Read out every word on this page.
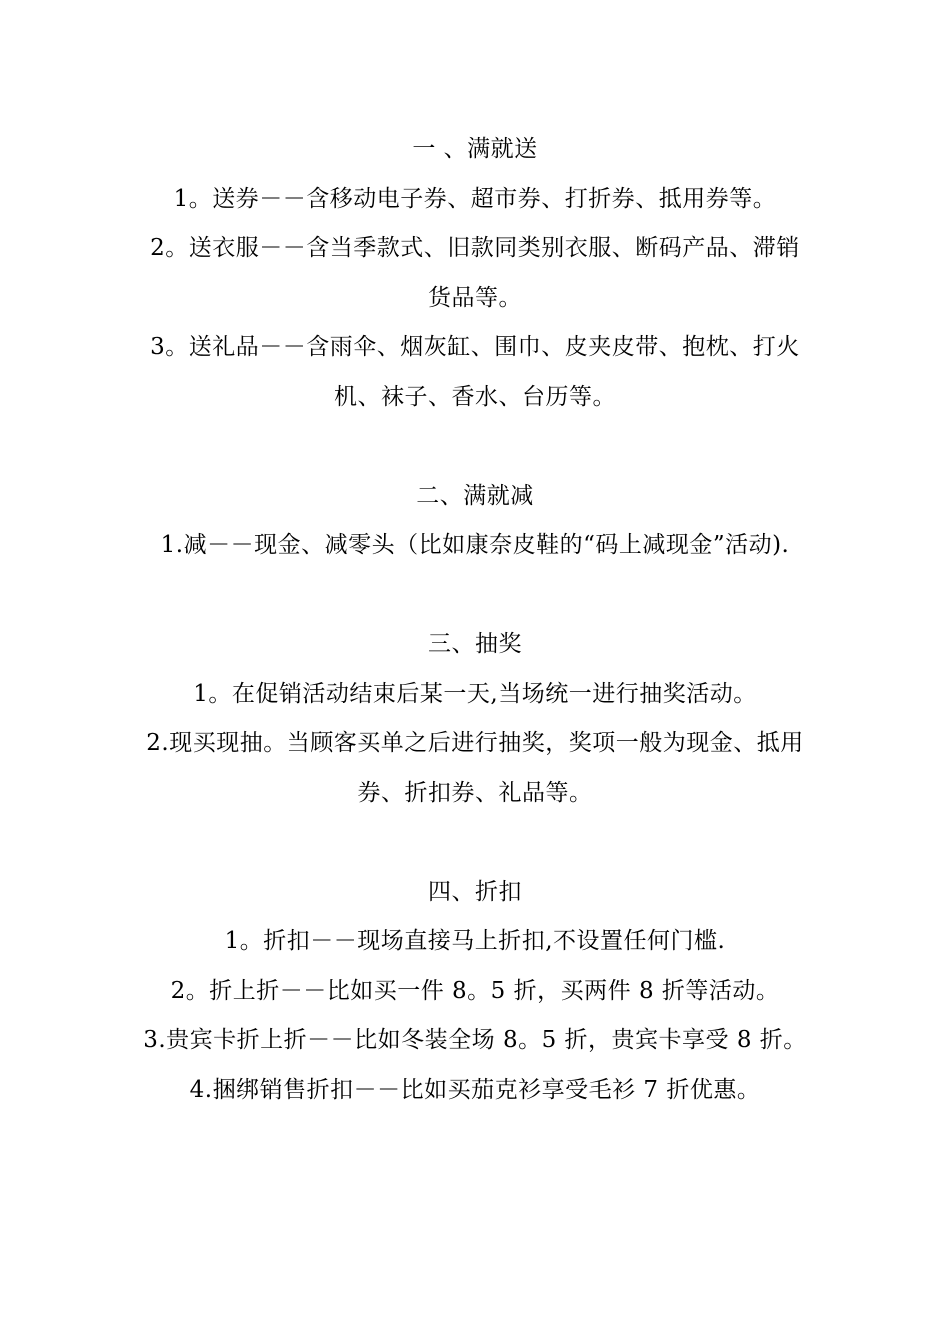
一 、满就送

1。送券－－含移动电子券、超市券、打折券、抵用券等。

2。送衣服－－含当季款式、旧款同类别衣服、断码产品、滞销货品等。

3。送礼品－－含雨伞、烟灰缸、围巾、皮夹皮带、抱枕、打火机、袜子、香水、台历等。

二、满就减

1.减－－现金、减零头（比如康奈皮鞋的“码上减现金”活动).

三、抽奖

1。在促销活动结束后某一天,当场统一进行抽奖活动。

2.现买现抽。当顾客买单之后进行抽奖，奖项一般为现金、抵用券、折扣券、礼品等。

四、折扣

1。折扣－－现场直接马上折扣,不设置任何门槛.

2。折上折－－比如买一件 8。5 折，买两件 8 折等活动。

3.贵宾卡折上折－－比如冬装全场 8。5 折，贵宾卡享受 8 折。

4.捆绑销售折扣－－比如买茄克衫享受毛衫 7 折优惠。
